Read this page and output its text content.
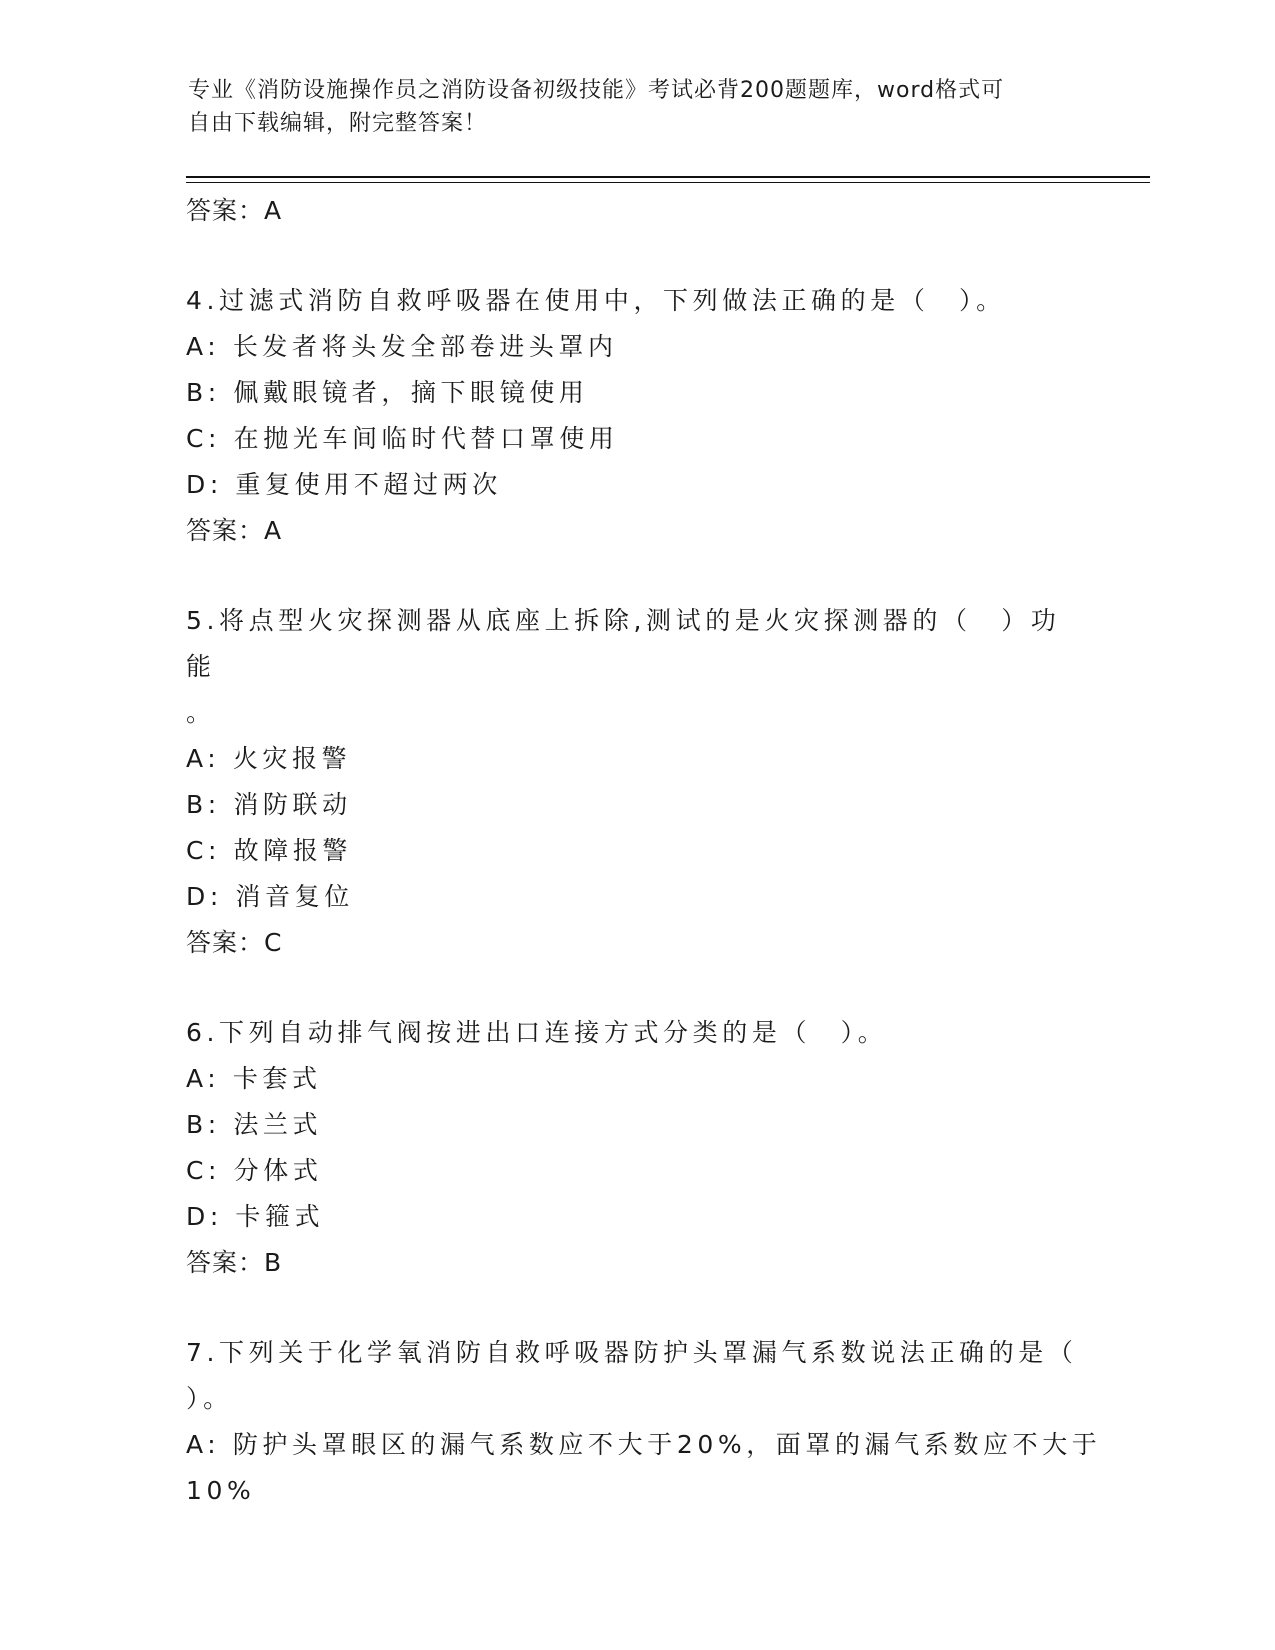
专业《消防设施操作员之消防设备初级技能》考试必背200题题库，word格式可
自由下载编辑，附完整答案！
答案：A
4.过滤式消防自救呼吸器在使用中，下列做法正确的是（　）。
A: 长发者将头发全部卷进头罩内
B: 佩戴眼镜者，摘下眼镜使用
C: 在抛光车间临时代替口罩使用
D: 重复使用不超过两次
答案：A
5.将点型火灾探测器从底座上拆除,测试的是火灾探测器的（　）功能
。
A: 火灾报警
B: 消防联动
C: 故障报警
D: 消音复位
答案：C
6.下列自动排气阀按进出口连接方式分类的是（　）。
A: 卡套式
B: 法兰式
C: 分体式
D: 卡箍式
答案：B
7.下列关于化学氧消防自救呼吸器防护头罩漏气系数说法正确的是（
）。
A: 防护头罩眼区的漏气系数应不大于20%，面罩的漏气系数应不大于
10%
